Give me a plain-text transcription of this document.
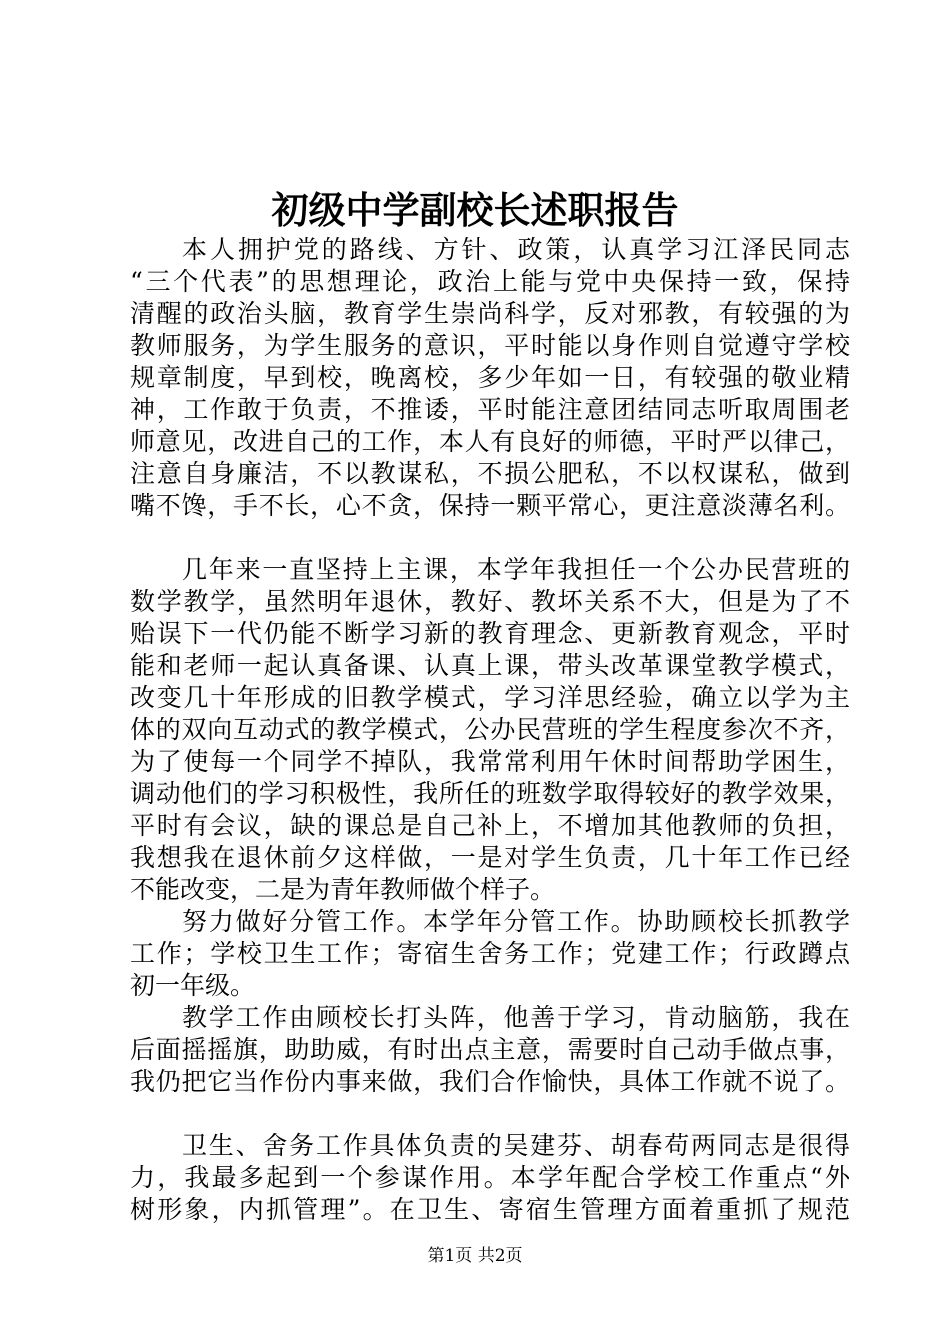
初级中学副校长述职报告
本人拥护党的路线、方针、政策，认真学习江泽民同志
“三个代表”的思想理论，政治上能与党中央保持一致，保持
清醒的政治头脑，教育学生崇尚科学，反对邪教，有较强的为
教师服务，为学生服务的意识，平时能以身作则自觉遵守学校
规章制度，早到校，晚离校，多少年如一日，有较强的敬业精
神，工作敢于负责，不推诿，平时能注意团结同志听取周围老
师意见，改进自己的工作，本人有良好的师德，平时严以律己，
注意自身廉洁，不以教谋私，不损公肥私，不以权谋私，做到
嘴不馋，手不长，心不贪，保持一颗平常心，更注意淡薄名利。
几年来一直坚持上主课，本学年我担任一个公办民营班的
数学教学，虽然明年退休，教好、教坏关系不大，但是为了不
贻误下一代仍能不断学习新的教育理念、更新教育观念，平时
能和老师一起认真备课、认真上课，带头改革课堂教学模式，
改变几十年形成的旧教学模式，学习洋思经验，确立以学为主
体的双向互动式的教学模式，公办民营班的学生程度参次不齐，
为了使每一个同学不掉队，我常常利用午休时间帮助学困生，
调动他们的学习积极性，我所任的班数学取得较好的教学效果，
平时有会议，缺的课总是自己补上，不增加其他教师的负担，
我想我在退休前夕这样做，一是对学生负责，几十年工作已经
不能改变，二是为青年教师做个样子。
努力做好分管工作。本学年分管工作。协助顾校长抓教学
工作；学校卫生工作；寄宿生舍务工作；党建工作；行政蹲点
初一年级。
教学工作由顾校长打头阵，他善于学习，肯动脑筋，我在
后面摇摇旗，助助威，有时出点主意，需要时自己动手做点事，
我仍把它当作份内事来做，我们合作愉快，具体工作就不说了。
卫生、舍务工作具体负责的吴建芬、胡春苟两同志是很得
力，我最多起到一个参谋作用。本学年配合学校工作重点“外
树形象，内抓管理”。在卫生、寄宿生管理方面着重抓了规范
第1页 共2页
